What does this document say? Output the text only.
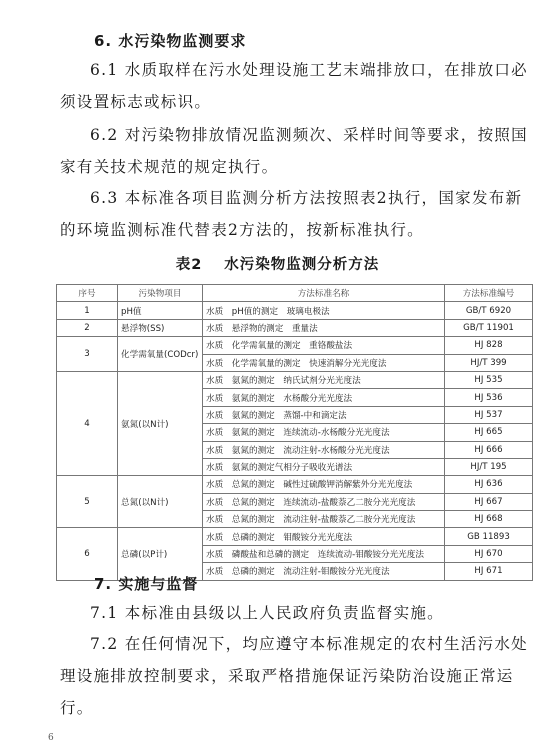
6. 水污染物监测要求

6.1 水质取样在污水处理设施工艺末端排放口，在排放口必须设置标志或标识。

6.2 对污染物排放情况监测频次、采样时间等要求，按照国家有关技术规范的规定执行。

6.3 本标准各项目监测分析方法按照表2执行，国家发布新的环境监测标准代替表2方法的，按新标准执行。

表2 水污染物监测分析方法
序号	污染物项目	方法标准名称	方法标准编号
1	pH值	水质　pH值的测定　玻璃电极法	GB/T 6920
2	悬浮物(SS)	水质　悬浮物的测定　重量法	GB/T 11901
3	化学需氧量(CODcr)	水质　化学需氧量的测定　重铬酸盐法	HJ 828
		水质　化学需氧量的测定　快速消解分光光度法	HJ/T 399
4	氨氮(以N计)	水质　氨氮的测定　纳氏试剂分光光度法	HJ 535
		水质　氨氮的测定　水杨酸分光光度法	HJ 536
		水质　氨氮的测定　蒸馏-中和滴定法	HJ 537
		水质　氨氮的测定　连续流动-水杨酸分光光度法	HJ 665
		水质　氨氮的测定　流动注射-水杨酸分光光度法	HJ 666
		水质　氨氮的测定气相分子吸收光谱法	HJ/T 195
5	总氮(以N计)	水质　总氮的测定　碱性过硫酸钾消解紫外分光光度法	HJ 636
		水质　总氮的测定　连续流动-盐酸萘乙二胺分光光度法	HJ 667
		水质　总氮的测定　流动注射-盐酸萘乙二胺分光光度法	HJ 668
6	总磷(以P计)	水质　总磷的测定　钼酸铵分光光度法	GB 11893
		水质　磷酸盐和总磷的测定　连续流动-钼酸铵分光光度法	HJ 670
		水质　总磷的测定　流动注射-钼酸铵分光光度法	HJ 671
7. 实施与监督

7.1 本标准由县级以上人民政府负责监督实施。

7.2 在任何情况下，均应遵守本标准规定的农村生活污水处理设施排放控制要求，采取严格措施保证污染防治设施正常运行。

6
